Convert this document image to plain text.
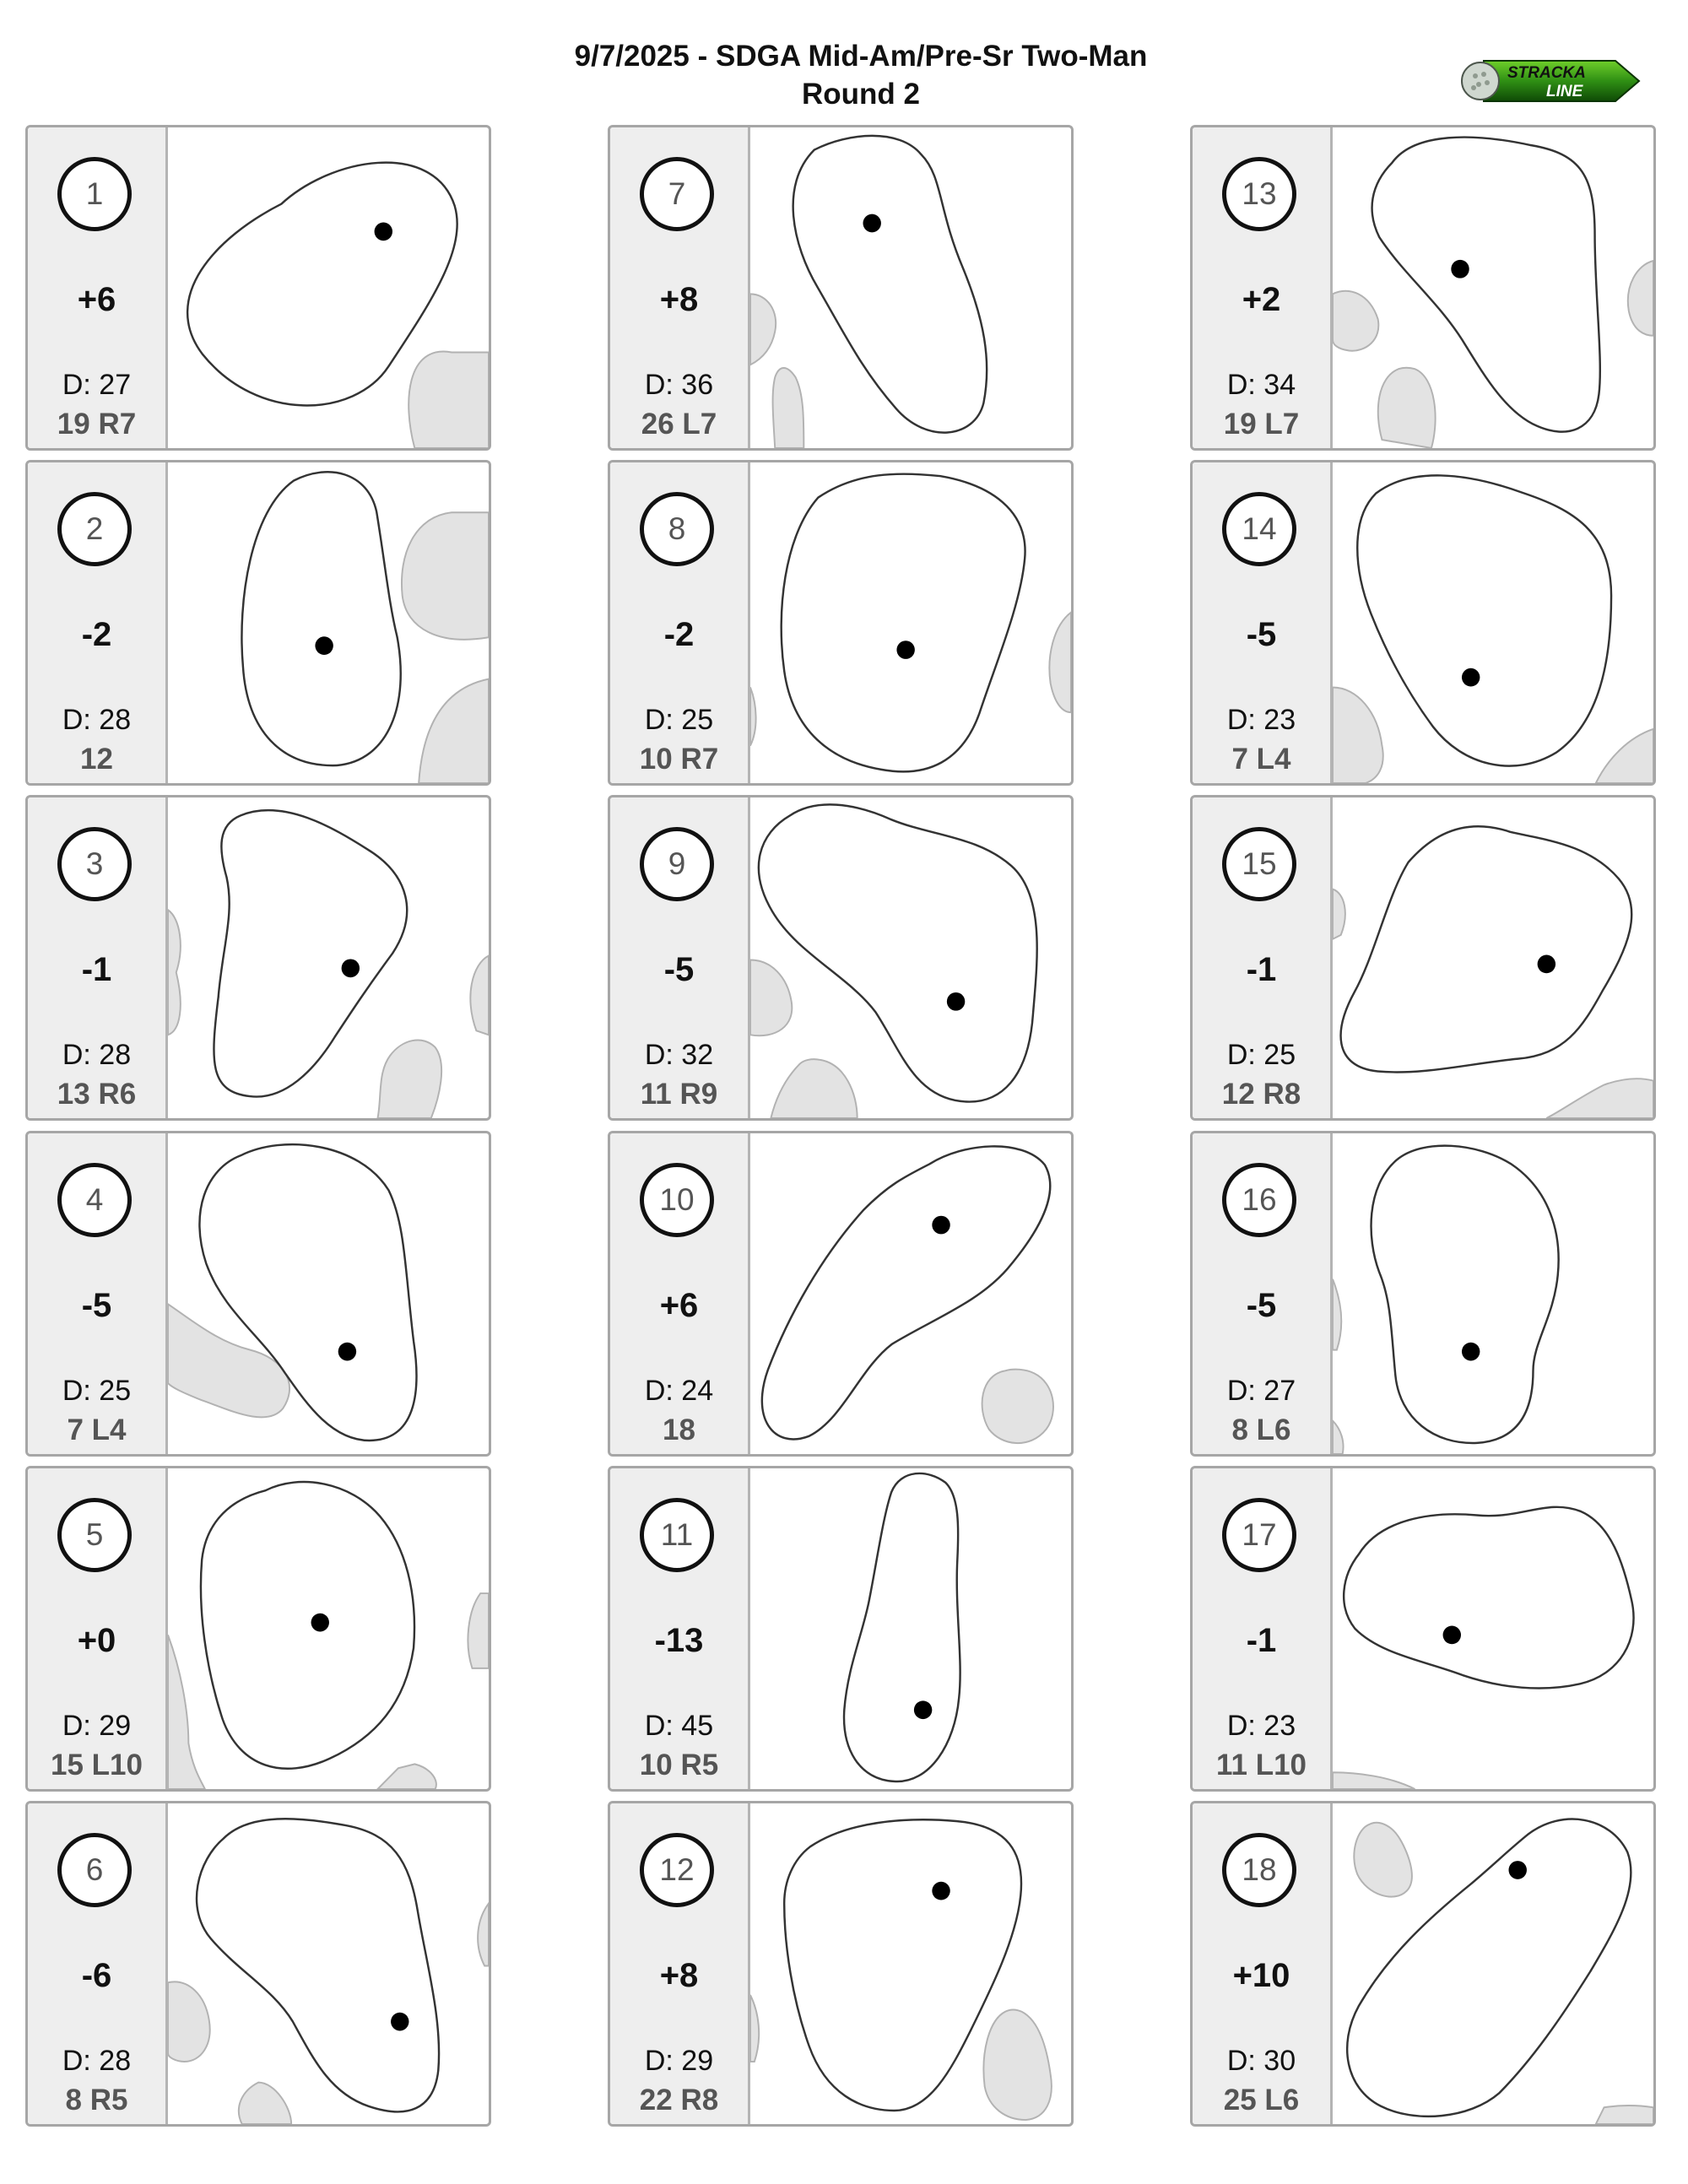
9/7/2025 - SDGA Mid-Am/Pre-Sr Two-Man
Round 2
STRACKA
LINE
1
+6
D: 27
19 R7
2
-2
D: 28
12
3
-1
D: 28
13 R6
4
-5
D: 25
7 L4
5
+0
D: 29
15 L10
6
-6
D: 28
8 R5
7
+8
D: 36
26 L7
8
-2
D: 25
10 R7
9
-5
D: 32
11 R9
10
+6
D: 24
18
11
-13
D: 45
10 R5
12
+8
D: 29
22 R8
13
+2
D: 34
19 L7
14
-5
D: 23
7 L4
15
-1
D: 25
12 R8
16
-5
D: 27
8 L6
17
-1
D: 23
11 L10
18
+10
D: 30
25 L6
